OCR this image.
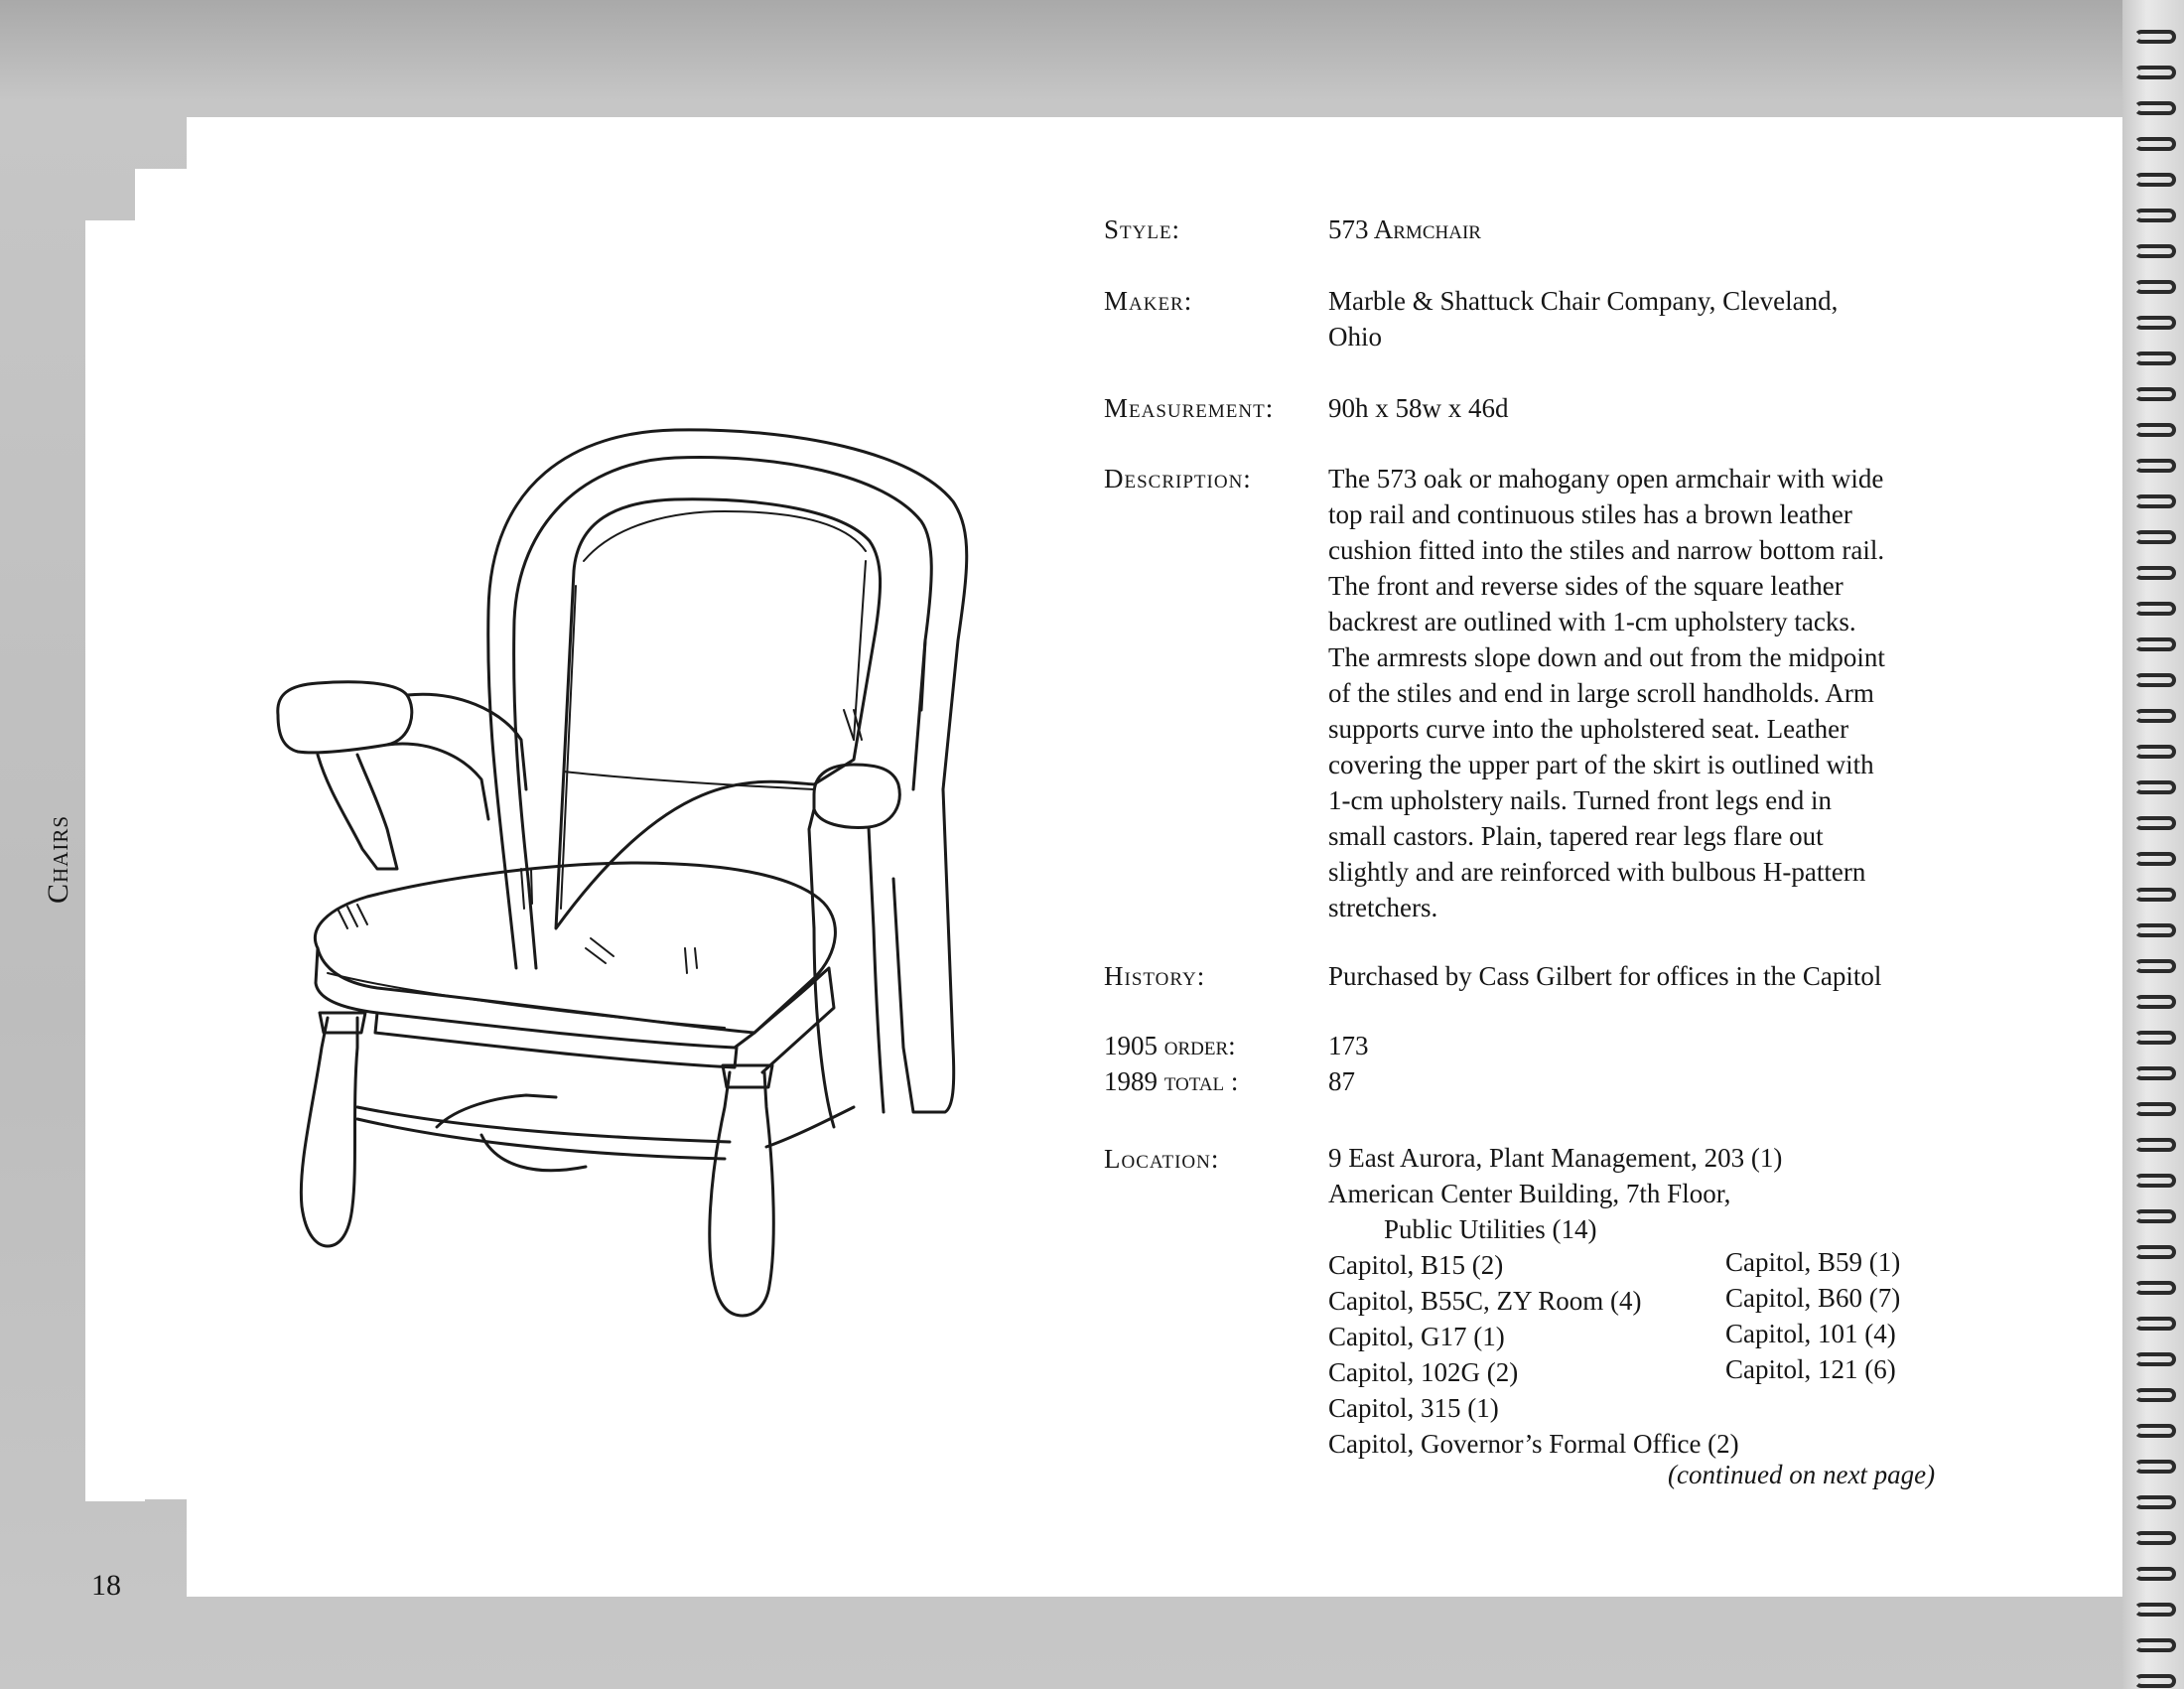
Chairs
18
Style:	573 Armchair
Maker:	Marble & Shattuck Chair Company, Cleveland,
Ohio
Measurement: 90h x 58w x 46d
Description:	The 573 oak or mahogany open armchair with wide
top rail and continuous stiles has a brown leather
cushion fitted into the stiles and narrow bottom rail.
The front and reverse sides of the square leather
backrest are outlined with 1-cm upholstery tacks.
The armrests slope down and out from the midpoint
of the stiles and end in large scroll handholds. Arm
supports curve into the upholstered seat. Leather
covering the upper part of the skirt is outlined with
1-cm upholstery nails. Turned front legs end in
small castors. Plain, tapered rear legs flare out
slightly and are reinforced with bulbous H-pattern
stretchers.
History:	Purchased by Cass Gilbert for offices in the Capitol
1905 order:	173
1989 total :	87
Location:	9 East Aurora, Plant Management, 203 (1)
American Center Building, 7th Floor,
Public Utilities (14)
Capitol, B15 (2)
Capitol, B55C, ZY Room (4)
Capitol, G17 (1)
Capitol, 102G (2)
Capitol, 315 (1)
Capitol, Governor’s Formal Office (2)
Capitol, B59 (1)
Capitol, B60 (7)
Capitol, 101 (4)
Capitol, 121 (6)
(continued on next page)
